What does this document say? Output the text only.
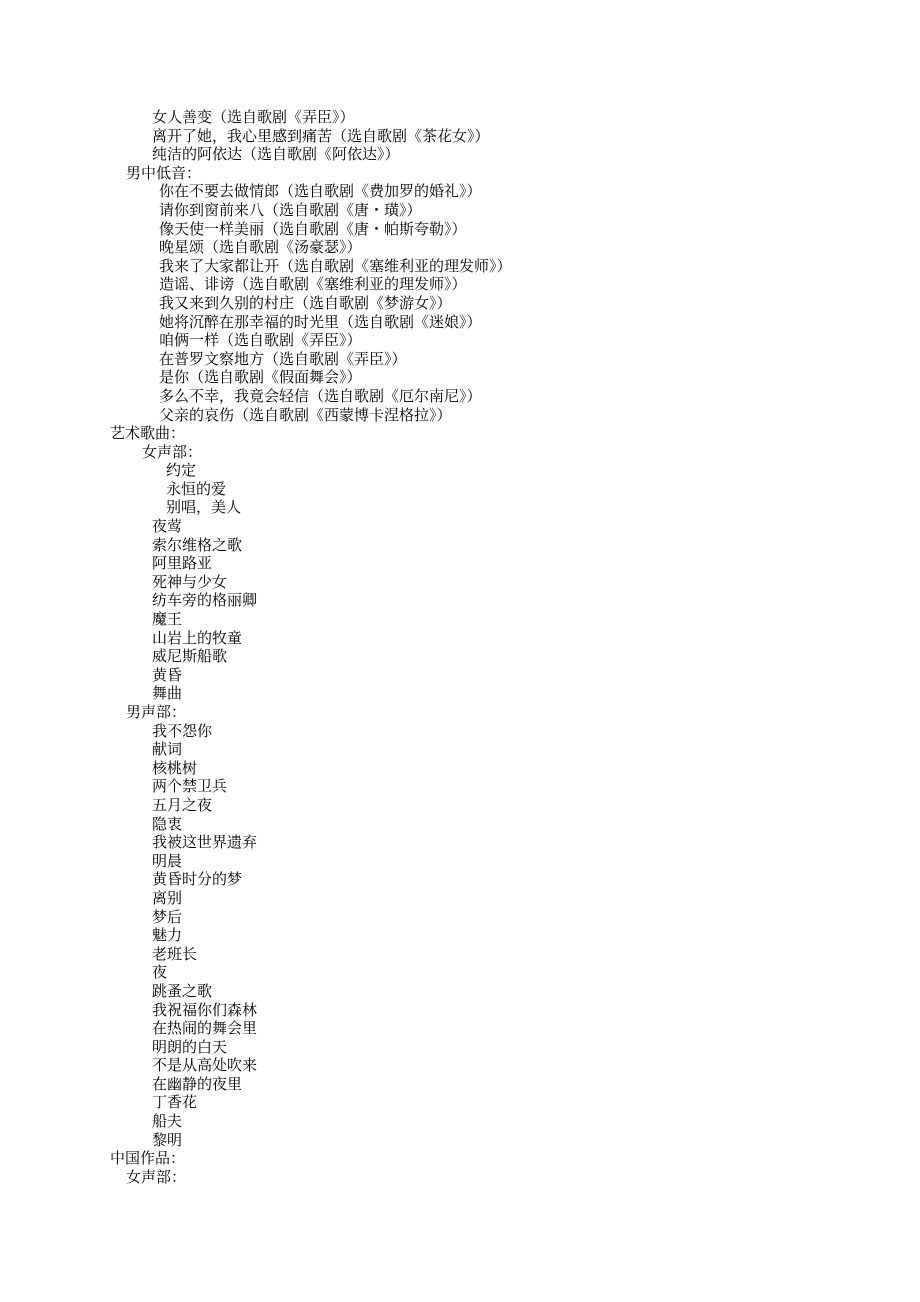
女人善变（选自歌剧《弄臣》）
离开了她，我心里感到痛苦（选自歌剧《茶花女》）
纯洁的阿依达（选自歌剧《阿依达》）
男中低音：
你在不要去做情郎（选自歌剧《费加罗的婚礼》）
请你到窗前来八（选自歌剧《唐・璜》）
像天使一样美丽（选自歌剧《唐・帕斯夸勒》）
晚星颂（选自歌剧《汤豪瑟》）
我来了大家都让开（选自歌剧《塞维利亚的理发师》）
造谣、诽谤（选自歌剧《塞维利亚的理发师》）
我又来到久别的村庄（选自歌剧《梦游女》）
她将沉醉在那幸福的时光里（选自歌剧《迷娘》）
咱俩一样（选自歌剧《弄臣》）
在普罗文察地方（选自歌剧《弄臣》）
是你（选自歌剧《假面舞会》）
多么不幸，我竟会轻信（选自歌剧《厄尔南尼》）
父亲的哀伤（选自歌剧《西蒙博卡涅格拉》）
艺术歌曲：
女声部：
约定
永恒的爱
别唱，美人
夜莺
索尔维格之歌
阿里路亚
死神与少女
纺车旁的格丽卿
魔王
山岩上的牧童
威尼斯船歌
黄昏
舞曲
男声部：
我不怨你
献词
核桃树
两个禁卫兵
五月之夜
隐衷
我被这世界遗弃
明晨
黄昏时分的梦
离别
梦后
魅力
老班长
夜
跳蚤之歌
我祝福你们森林
在热闹的舞会里
明朗的白天
不是从高处吹来
在幽静的夜里
丁香花
船夫
黎明
中国作品：
女声部：
